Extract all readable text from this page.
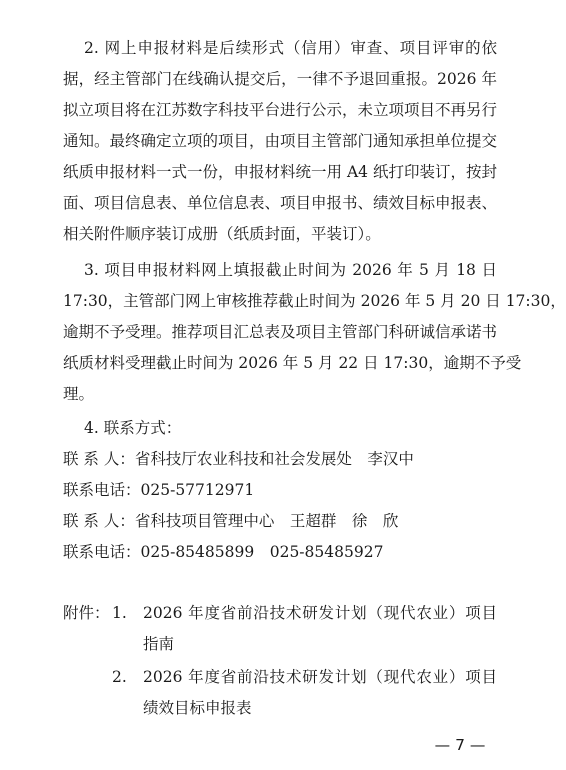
2. 网上申报材料是后续形式（信用）审查、项目评审的依
据，经主管部门在线确认提交后，一律不予退回重报。2026 年
拟立项目将在江苏数字科技平台进行公示，未立项项目不再另行
通知。最终确定立项的项目，由项目主管部门通知承担单位提交
纸质申报材料一式一份，申报材料统一用 A4 纸打印装订，按封
面、项目信息表、单位信息表、项目申报书、绩效目标申报表、
相关附件顺序装订成册（纸质封面，平装订）。
3. 项目申报材料网上填报截止时间为 2026 年 5 月 18 日
17:30，主管部门网上审核推荐截止时间为 2026 年 5 月 20 日 17:30，
逾期不予受理。推荐项目汇总表及项目主管部门科研诚信承诺书
纸质材料受理截止时间为 2026 年 5 月 22 日 17:30，逾期不予受
理。
4. 联系方式：
联 系 人：省科技厅农业科技和社会发展处　李汉中
联系电话：025-57712971
联 系 人：省科技项目管理中心　王超群　徐　欣
联系电话：025-85485899　025-85485927
附件： 1.	2026 年度省前沿技术研发计划（现代农业）项目
指南
2.	2026 年度省前沿技术研发计划（现代农业）项目
绩效目标申报表
— 7 —
